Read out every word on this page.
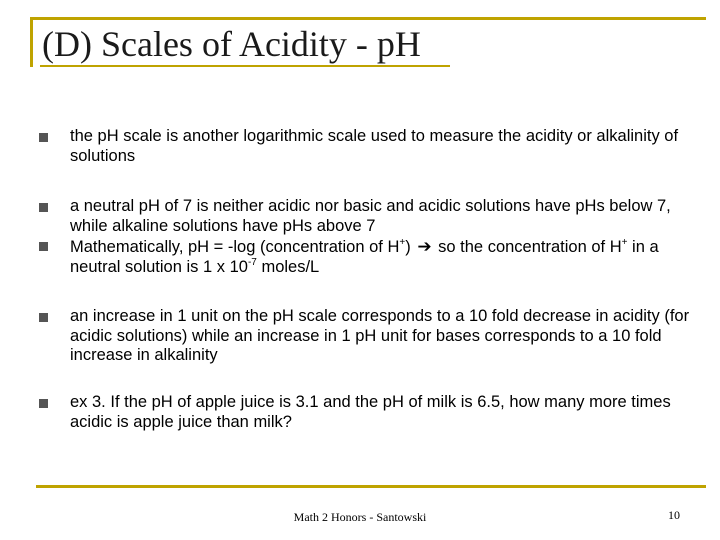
(D) Scales of Acidity - pH

the pH scale is another logarithmic scale used to measure the acidity or alkalinity of solutions

a neutral pH of 7 is neither acidic nor basic and acidic solutions have pHs below 7, while alkaline solutions have pHs above 7

Mathematically, pH = -log (concentration of H+) ➔ so the concentration of H+ in a neutral solution is 1 x $10^{-7}$ moles/L

an increase in 1 unit on the pH scale corresponds to a 10 fold decrease in acidity (for acidic solutions) while an increase in 1 pH unit for bases corresponds to a 10 fold increase in alkalinity

ex 3. If the pH of apple juice is 3.1 and the pH of milk is 6.5, how many more times acidic is apple juice than milk?

Math 2 Honors - Santowski	10
